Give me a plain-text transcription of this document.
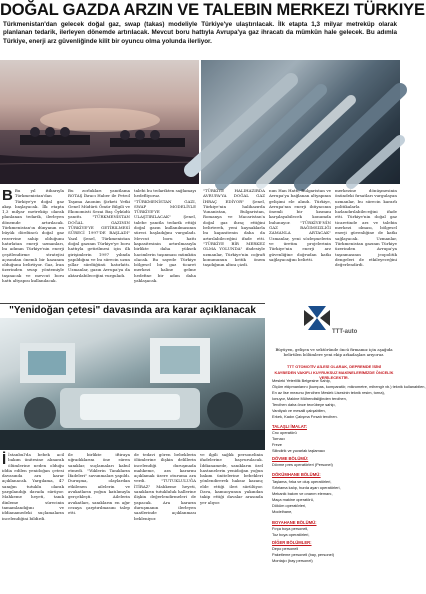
DOĞAL GAZDA ARZIN VE TALEBIN MERKEZI TÜRKIYE
Türkmenistan'dan gelecek doğal gaz, swap (takas) modeliyle Türkiye'ye ulaştırılacak. İlk etapta 1,3 milyar metreküp olarak planlanan tedarik, ilerleyen dönemde artırılacak. Mevcut boru hattıyla Avrupa'ya gaz ihracatı da mümkün hale gelecek. Bu adımla Türkiye, enerji arz güvenliğinde kilit bir oyuncu olma yolunda ilerliyor.
B Bu yıl itibarıyla Türkmenistan'dan Türkiye'ye doğal gaz akışı başlayacak. İlk etapta 1,3 milyar metreküp olarak planlanan tedarik, ilerleyen dönemde artırılacak. Türkmenistan'ın dünyanın en büyük dördüncü doğal gaz rezervine sahip olduğunu hatırlatan enerji uzmanları, bu adımın Türkiye'nin enerji çeşitlendirme stratejisi açısından önemli bir kazanım olduğunu belirtiyor. Gaz, İran üzerinden swap yöntemiyle taşınacak ve mevcut boru hattı altyapısı kullanılacak.
Bu zorlukları yanıtlama ROTAŞ İhracı Haber ile Petrol Taşıma Anonim Şirketi Yetki Genel Müdürü Ömür Bilgili ve Ekonomisti Sezai Baş Öyküdü yanıttı. "TÜRKMENİSTAN DOĞAL GAZININ TÜRKİYE'YE GETİRILMESİ SÜRECİ 1997'DE BAŞLADI" Yazıl Şenel, Türkmenistan doğal gazının Türkiye'ye boru hattıyla getirilmesi için ilk girişimlerin 1997 yılında yapıldığını ve bu sürecin uzun yıllar sürdüğünü hatırlattı. Uzmanlar, gazın Avrupa'ya da aktarılabileceğini vurguladı.
talebi bu tedarikten sağlamayı hedefliyoruz. "TÜRKMENİSTAN GAZI, SWAP MODELİYLE TÜRKİYE'YE ULAŞTIRILACAK" Şenel, talebe yanıtla tedarik ettiği doğal gazın kullanılmasının süreci başladığını vurguladı. Mevcut boru hattı kapasitesinin artırılmasıyla birlikte daha yüksek hacimlerin taşınması mümkün olacak. Bu sayede Türkiye bölgesel bir gaz ticaret merkezi haline gelme hedefine bir adım daha yaklaşacak.
"TÜRKİYE HALIHAZIRDA AVRUPA'YA DOĞAL GAZ İHRAÇ EDİYOR" Şenel, Türkiye'nin halihazırda Yunanistan, Bulgaristan, Romanya ve Macaristan'a doğal gaz ihraç ettiğini belirterek, yeni kaynaklarla bu kapasitenin daha da artırılabileceğini ifade etti. "TÜRKİYE BİR MERKEZ OLMA YOLUNDA" ifadesiyle uzmanlar, Türkiye'nin coğrafi konumunun kritik önem taşıdığının altını çizdi.
nun Han Hattı, Bulgaristan ve Avrupa'ya bağlanan altyapının gelişimi ele alındı. Türkiye, Avrupa'nın enerji ihtiyacının önemli bir kısmını karşılayabilecek konumda bulunuyor. "TÜRKİYE'NİN GAZ BAĞIMSIZLIĞI ZAMANLA ARTACAK" Uzmanlar, yeni sözleşmelerin ve üretim projelerinin Türkiye'nin enerji arz güvenliğine doğrudan katkı sağlayacağını belirtti.
merkezine dönüşmesinin önündeki fırsatları vurgulayan uzmanlar, bu sürecin kararlı politikalarla hızlandırılabileceğini ifade etti. Türkiye'nin doğal gaz ticaretinde arz ve talebin merkezi olması, bölgesel enerji güvenliğine de katkı sağlayacak. Uzmanlar, Türkmenistan gazının Türkiye üzerinden Avrupa'ya taşınmasının jeopolitik dengeleri de etkileyeceğini değerlendirdi.
"Yenidoğan çetesi" davasında ara karar açıklanacak
İ İstanbul'da bebek acil bakım ünitesine alınarak ölümlerine neden olduğu iddia edilen yenidoğan çetesi davasında ara karar açıklanacak. Yargılama, 47 sanığın tutuklu olarak yargılandığı davada sürüyor. Mahkeme heyeti, tanık dinleme sürecinin tamamlandığını ve iddianamedeki suçlamaların incelendiğini bildirdi.
ile birlikte iftiraya uğradıklarını öne süren sanıklar, suçlamaları kabul etmedi. "Yüklerin Tanıkların İfadeleri" savunmaları yapıldı. Duruşma, olaylardan etkilenen ailelerin ve avukatların yoğun katılımıyla gerçekleşti. Ailelerin avukatları, sanıkların en ağır cezaya çarptırılmasını talep etti.
de tedavi gören bebeklerin ölümlerine ilişkin delillerin incelendiği duruşmada mahkeme, ara kararını açıklamak üzere oturuma ara verdi. "TUTUKLULUĞA İTİRAZ" Mahkeme heyeti, sanıkların tutukluluk hallerine ilişkin değerlendirmeleri de yapacak. Ara kararın duruşmanın ilerleyen saatlerinde açıklanması bekleniyor.
ve ilgili sağlık personelinin ifadelerine başvurulacak. İddianamede, sanıkların özel hastanelerin yenidoğan yoğun bakım ünitelerine bebekleri yönlendirerek haksız kazanç elde ettiği ileri sürülüyor. Dava, kamuoyunun yakından takip ettiği davalar arasında yer alıyor.
TTT-auto
Büyüyen, gelişen ve sektöründe öncü firmamız için aşağıda belirtilen bölümlere yeni ekip arkadaşları arıyoruz.
TTT OTOMOTİV AİLESİ OLARAK, DEPREMDE İSİNİ
KAYBEDEN VAKIFLI KUYRUKSUZ MAKİNELERİMİZDE ÖNCELİK VERİLECEKTİR.
Mesleki Yeterlilik Belgesine Sahip,
Ölçüm ekipmanlarını (kumpas, komparatör, mikrometre, mihengir vb.) teknik kullanabilen,
En az lise mezunu (tercihen Meslek Lisesinin teknik resim, torna),
Ionuyor, Makine Mühendisliğinden tercihen,
Tercihen daha önce tecrübeye sahip,
Vardiyalı ve mesaili çalışabilen,
Erkek, Kadın Çalışma Fırsatı tercihen.
TALAŞLI İMALAT:
Cnc operatörü
Tornacı
Freze
Silindirik ve yuvarlak taşlamacı
DÖVME BÖLÜMÜ:
Dövme pres operatörleri (Personel)
DÖKÜMHANE BÖLÜMÜ:
Taşlama, fırka ve oluş operatörleri,
Sıfırlama kalıp, hurda ayarı operatörleri,
Mekanik bakım ve onarım elemanı,
Maça makine operatörü,
Döküm operatörleri,
Modelhane,
BOYAHANE BÖLÜMÜ:
Fırça boya personeli,
Toz boya operatörleri,
DİĞER BÖLÜMLER:
Depo personeli
Paketleme personeli (bay, personel)
Montajcı (bay personel)
